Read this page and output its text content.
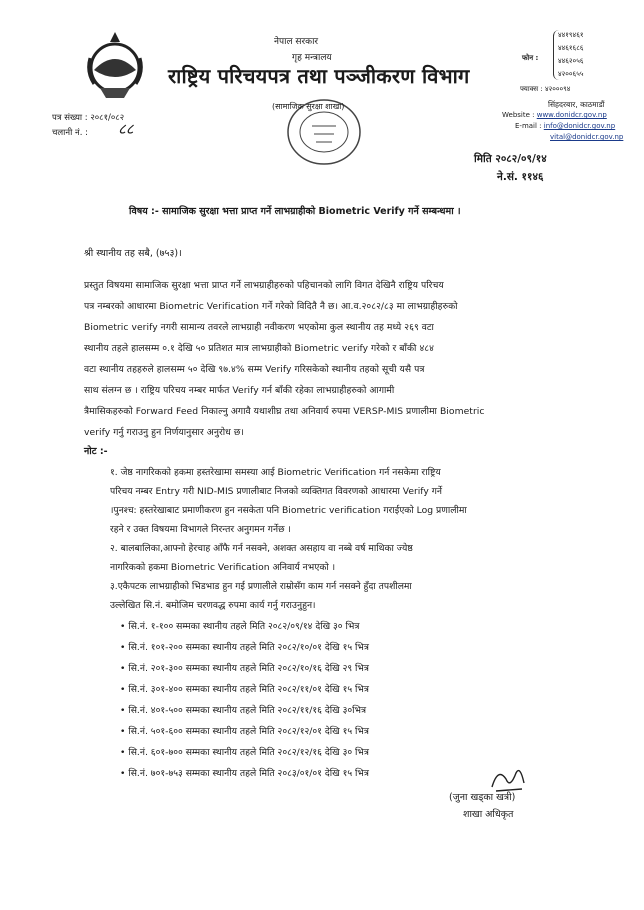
नेपाल सरकार
गृह मन्त्रालय
राष्ट्रिय परिचयपत्र तथा पञ्जीकरण विभाग
(सामाजिक सुरक्षा शाखा)
फोन :
४४१९४६१
४४६१६८६
४४६२०५६
४२००६५५
फ्याक्स : ४२०००९४
सिंहदरबार, काठमाडौं
Website : www.donidcr.gov.np
E-mail : info@donidcr.gov.np
vital@donidcr.gov.np
पत्र संख्या : २०८१/०८२
चलानी नं. : ८८
मिति २०८२/०९/१४
ने.सं. ११४६
विषय :- सामाजिक सुरक्षा भत्ता प्राप्त गर्ने लाभग्राहीको Biometric Verify गर्ने सम्बन्धमा ।
श्री स्थानीय तह सबै, (७५३)।
प्रस्तुत विषयमा सामाजिक सुरक्षा भत्ता प्राप्त गर्ने लाभग्राहीहरुको पहिचानको लागि विगत देखिनै राष्ट्रिय परिचय
पत्र नम्बरको आधारमा Biometric Verification गर्ने गरेको विदितै नै छ। आ.व.२०८२/८३ मा लाभग्राहीहरुको
Biometric verify नगरी सामान्य तवरले लाभग्राही नवीकरण भएकोमा कुल स्थानीय तह मध्ये २६९ वटा
स्थानीय तहले हालसम्म ०.१ देखि ५० प्रतिशत मात्र लाभग्राहीको Biometric verify गरेको र बाँकी ४८४
वटा स्थानीय तहहरुले हालसम्म ५० देखि ९७.४% सम्म Verify गरिसकेको स्थानीय तहको सूची यसै पत्र
साथ संलग्न छ । राष्ट्रिय परिचय नम्बर मार्फत Verify गर्न बाँकी रहेका लाभग्राहीहरुको आगामी
त्रैमासिकहरुको Forward Feed निकाल्नु अगावै यथाशीघ्र तथा अनिवार्य रुपमा VERSP-MIS प्रणालीमा Biometric
verify गर्नु गराउनु हुन निर्णयानुसार अनुरोध छ।
नोट :-
१. जेष्ठ नागरिकको हकमा हस्तरेखामा समस्या आई Biometric Verification गर्न नसकेमा राष्ट्रिय
परिचय नम्बर Entry गरी NID-MIS प्रणालीबाट निजको व्यक्तिगत विवरणको आधारमा Verify गर्ने
।पुनश्च: हस्तरेखाबाट प्रमाणीकरण हुन नसकेता पनि Biometric verification गराईएको Log प्रणालीमा
रहने र उक्त विषयमा विभागले निरन्तर अनुगमन गर्नेछ ।
२. बालबालिका,आफ्नो हेरचाह आँफै गर्न नसक्ने, अशक्त असहाय वा नब्बे वर्ष माथिका ज्येष्ठ
नागरिकको हकमा Biometric Verification अनिवार्य नभएको ।
३.एकैपटक लाभग्राहीको भिडभाड हुन गई प्रणालीले राम्रोसँग काम गर्न नसक्ने हुँदा तपशीलमा
उल्लेखित सि.नं. बमोजिम चरणवद्ध रुपमा कार्य गर्नु गराउनुहुन।
• सि.नं. १-१०० सम्मका स्थानीय तहले मिति २०८२/०९/१४ देखि ३० भित्र
• सि.नं. १०१-२०० सम्मका स्थानीय तहले मिति २०८२/१०/०१ देखि १५ भित्र
• सि.नं. २०१-३०० सम्मका स्थानीय तहले मिति २०८२/१०/१६ देखि २९ भित्र
• सि.नं. ३०१-४०० सम्मका स्थानीय तहले मिति २०८२/११/०१ देखि १५ भित्र
• सि.नं. ४०१-५०० सम्मका स्थानीय तहले मिति २०८२/११/१६ देखि ३०भित्र
• सि.नं. ५०१-६०० सम्मका स्थानीय तहले मिति २०८२/१२/०१ देखि १५ भित्र
• सि.नं. ६०१-७०० सम्मका स्थानीय तहले मिति २०८२/१२/१६ देखि ३० भित्र
• सि.नं. ७०१-७५३ सम्मका स्थानीय तहले मिति २०८३/०१/०१ देखि १५ भित्र
(जुना खड्का खत्री)
शाखा अधिकृत
